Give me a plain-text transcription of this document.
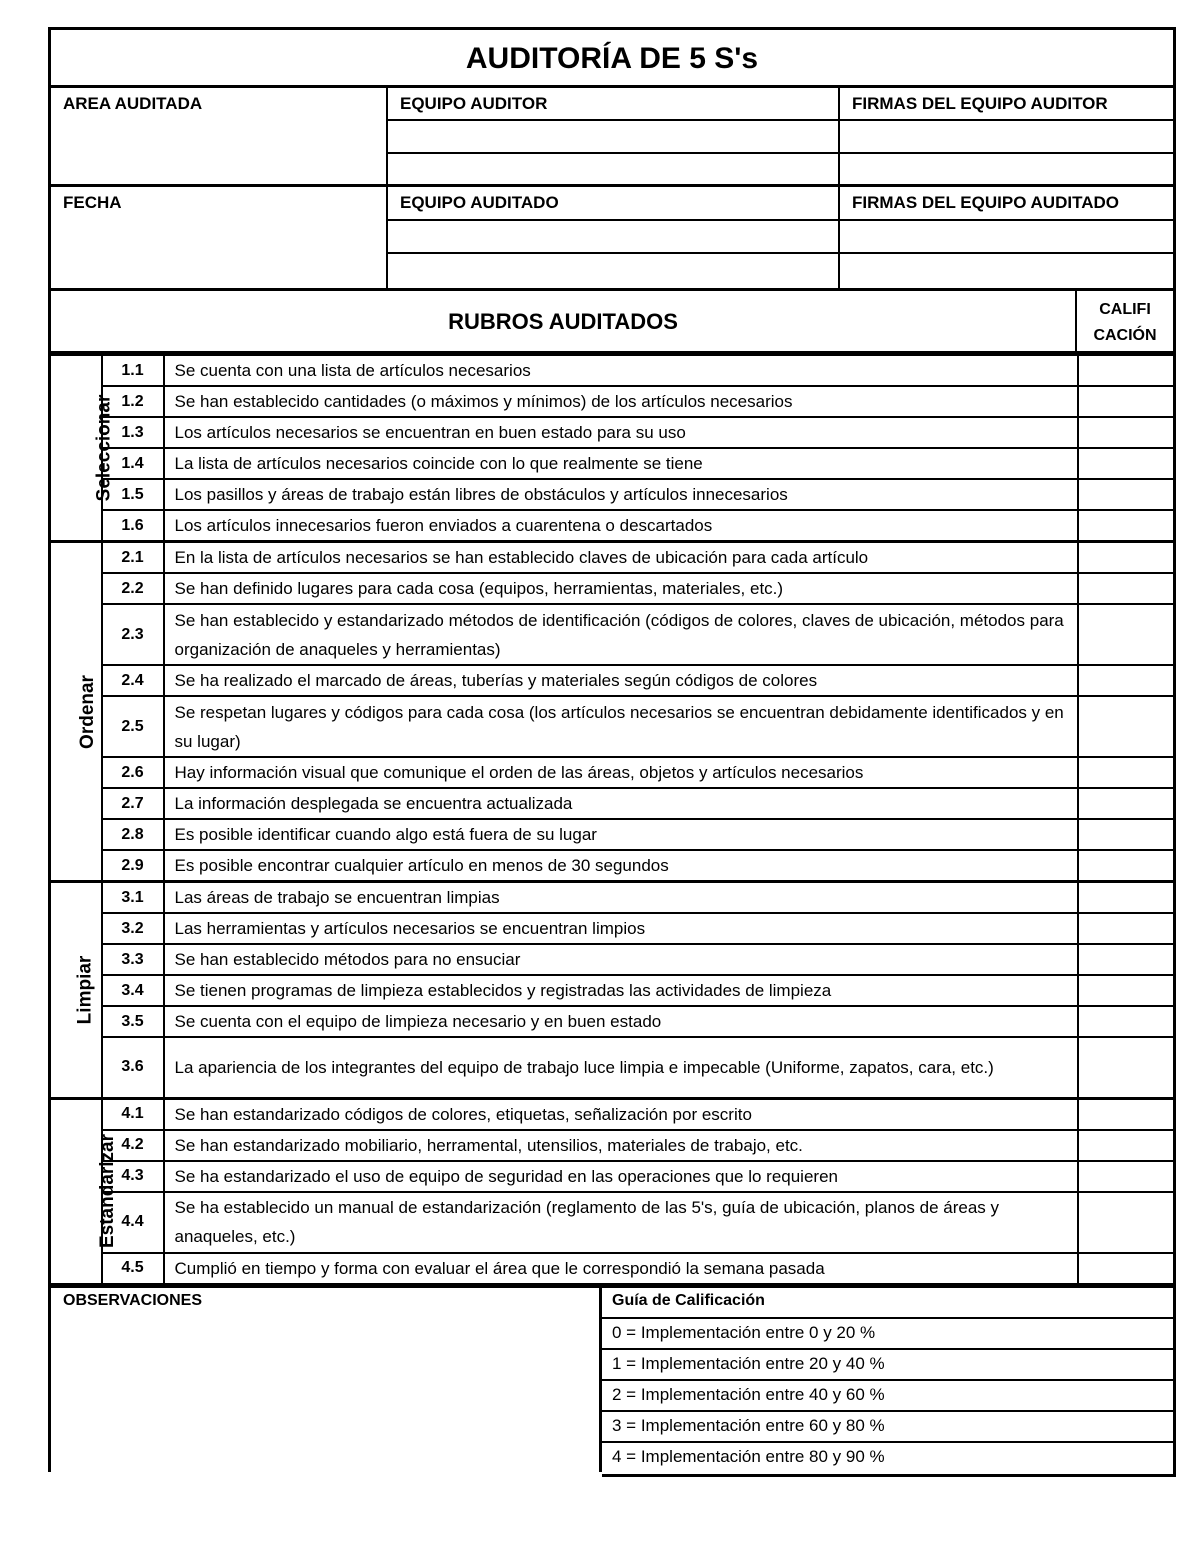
AUDITORÍA DE 5 S's
AREA AUDITADA	EQUIPO AUDITOR	FIRMAS DEL EQUIPO AUDITOR
FECHA	EQUIPO AUDITADO	FIRMAS DEL EQUIPO AUDITADO
RUBROS AUDITADOS	CALIFI
CACIÓN
Seleccionar	1.1	Se cuenta con una lista de artículos necesarios	
	1.2	Se han establecido cantidades (o máximos y mínimos) de los artículos necesarios	
	1.3	Los artículos necesarios se encuentran en buen estado para su uso	
	1.4	La lista de artículos necesarios coincide con lo que realmente se tiene	
	1.5	Los pasillos y áreas de trabajo están libres de obstáculos y artículos innecesarios	
	1.6	Los artículos innecesarios fueron enviados a cuarentena o descartados	
Ordenar	2.1	En la lista de artículos necesarios se han establecido claves de ubicación para cada artículo	
	2.2	Se han definido lugares para cada cosa (equipos, herramientas, materiales, etc.)	
	2.3	Se han establecido y estandarizado métodos de identificación (códigos de colores, claves de ubicación, métodos para organización de anaqueles y herramientas)	
	2.4	Se ha realizado el marcado de áreas, tuberías y materiales según códigos de colores	
	2.5	Se respetan lugares y códigos para cada cosa (los artículos necesarios se encuentran debidamente identificados y en su lugar)	
	2.6	Hay información visual que comunique el orden de las áreas, objetos y artículos necesarios	
	2.7	La información desplegada se encuentra actualizada	
	2.8	Es posible identificar cuando algo está fuera de su lugar	
	2.9	Es posible encontrar cualquier artículo en menos de 30 segundos	
Limpiar	3.1	Las áreas de trabajo se encuentran limpias	
	3.2	Las herramientas y artículos necesarios se encuentran limpios	
	3.3	Se han establecido métodos para no ensuciar	
	3.4	Se tienen programas de limpieza establecidos y registradas las actividades de limpieza	
	3.5	Se cuenta con el equipo de limpieza necesario y en buen estado	
	3.6	La apariencia de los integrantes del equipo de trabajo luce limpia e impecable (Uniforme, zapatos, cara, etc.)	
Estandarizar	4.1	Se han estandarizado códigos de colores, etiquetas, señalización por escrito	
	4.2	Se han estandarizado mobiliario, herramental, utensilios, materiales de trabajo, etc.	
	4.3	Se ha estandarizado el uso de equipo de seguridad en las operaciones que lo requieren	
	4.4	Se ha establecido un manual de estandarización (reglamento de las 5's, guía de ubicación, planos de áreas y anaqueles, etc.)	
	4.5	Cumplió en tiempo y forma con evaluar el área que le correspondió la semana pasada	
OBSERVACIONES	Guía de Calificación
0 = Implementación entre 0 y 20 %
1 = Implementación entre 20 y 40 %
2 = Implementación entre 40 y 60 %
3 = Implementación entre 60 y 80 %
4 = Implementación entre 80 y 90 %
